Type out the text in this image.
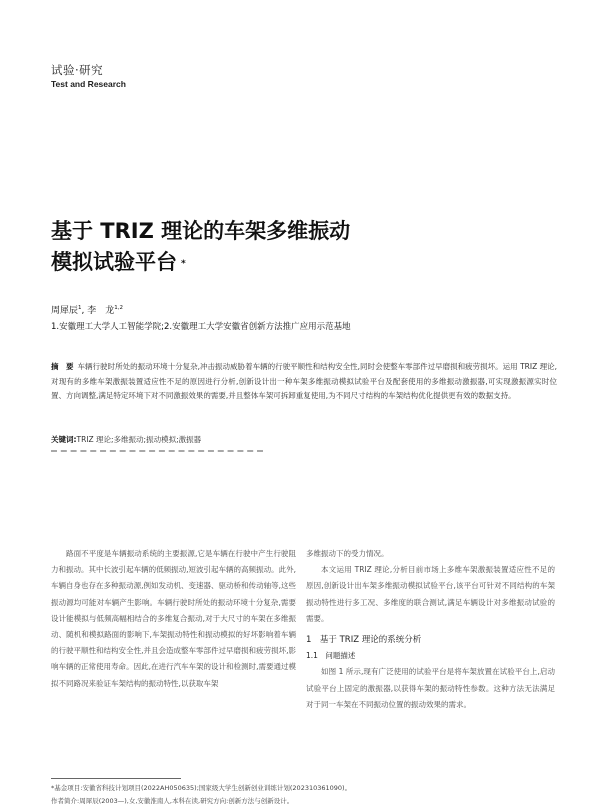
试验·研究
Test and Research
基于 TRIZ 理论的车架多维振动
模拟试验平台 *
周犀辰$^1$, 李　龙$^{1,2}$
1.安徽理工大学人工智能学院;2.安徽理工大学安徽省创新方法推广应用示范基地
摘　要 车辆行驶时所处的振动环境十分复杂,冲击振动威胁着车辆的行驶平顺性和结构安全性,同时会使整车零部件过早磨损和疲劳损坏。运用 TRIZ 理论,对现有的多维车架激振装置适应性不足的原因进行分析,创新设计出一种车架多维振动模拟试验平台及配套使用的多维振动激振器,可实现激振源实时位置、方向调整,满足特定环境下对不同激振效果的需要,并且整体车架可拆卸重复使用,为不同尺寸结构的车架结构优化提供更有效的数据支持。
关键词:TRIZ 理论;多维振动;振动模拟;激振器

路面不平度是车辆振动系统的主要振源,它是车辆在行驶中产生行驶阻力和振动。其中长波引起车辆的低频振动,短波引起车辆的高频振动。此外,车辆自身也存在多种振动源,例如发动机、变速器、驱动桥和传动轴等,这些振动源均可能对车辆产生影响。车辆行驶时所处的振动环境十分复杂,需要设计能模拟与低频高幅相结合的多维复合振动,对于大尺寸的车架在多维振动、随机和模拟路面的影响下,车架振动特性和振动模拟的好坏影响着车辆的行驶平顺性和结构安全性,并且会造成整车零部件过早磨损和疲劳损坏,影响车辆的正常使用寿命。因此,在进行汽车车架的设计和检测时,需要通过模拟不同路况来验证车架结构的振动特性,以获取车架

多维振动下的受力情况。

本文运用 TRIZ 理论,分析目前市场上多维车架激振装置适应性不足的原因,创新设计出车架多维振动模拟试验平台,该平台可针对不同结构的车架振动特性进行多工况、多维度的联合测试,满足车辆设计对多维振动试验的需要。

1　基于 TRIZ 理论的系统分析

1.1　问题描述

如图 1 所示,现有广泛使用的试验平台是将车架放置在试验平台上,启动试验平台上固定的激振器,以获得车架的振动特性参数。这种方法无法满足对于同一车架在不同振动位置的振动效果的需求。

*基金项目:安徽省科技计划项目(2022AH050635);国家级大学生创新创业训练计划(202310361090)。

作者简介:周犀辰(2003—),女,安徽淮南人,本科在读,研究方向:创新方法与创新设计。
